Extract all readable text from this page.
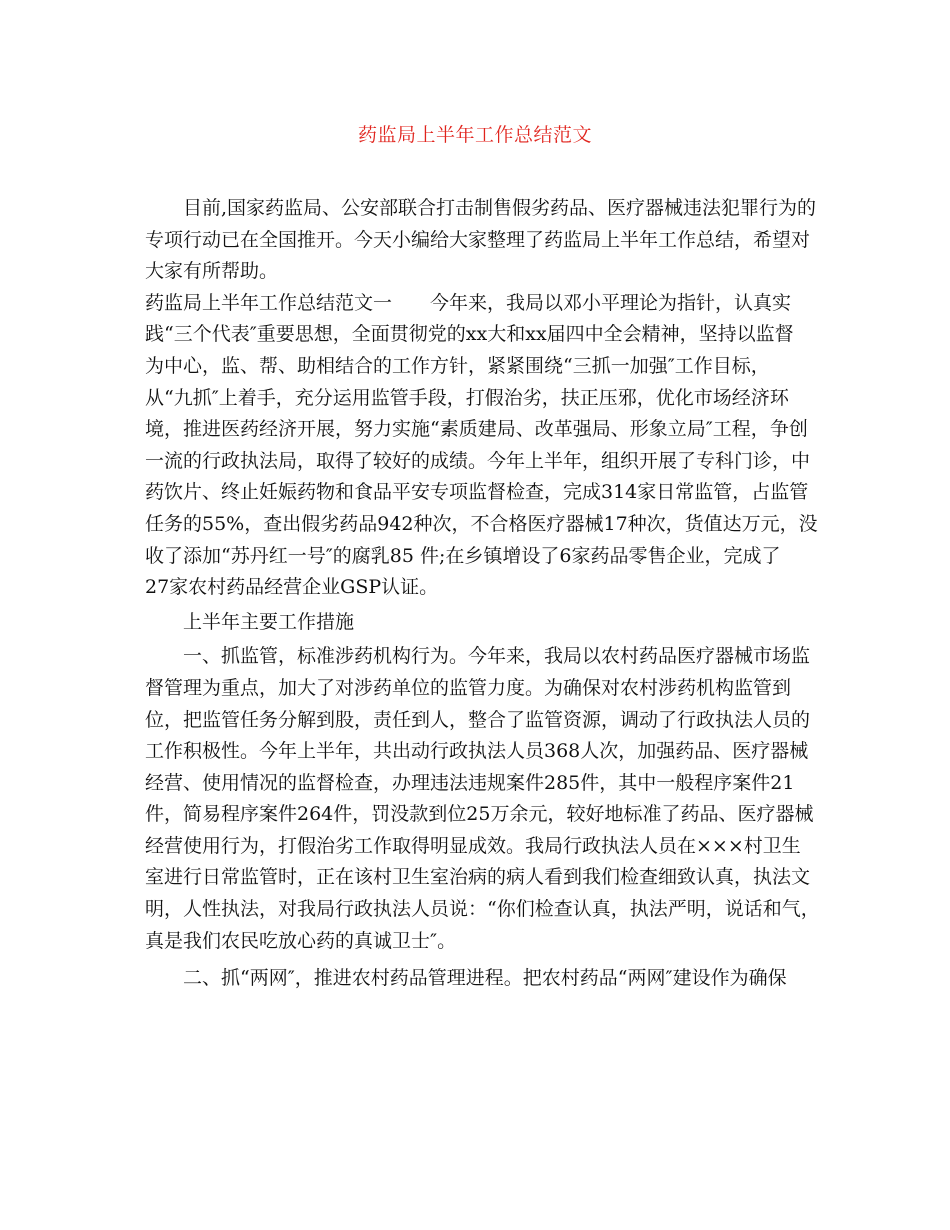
药监局上半年工作总结范文
目前,国家药监局、公安部联合打击制售假劣药品、医疗器械违法犯罪行为的
专项行动已在全国推开。今天小编给大家整理了药监局上半年工作总结，希望对
大家有所帮助。
药监局上半年工作总结范文一　　今年来，我局以邓小平理论为指针，认真实
践“三个代表″重要思想，全面贯彻党的xx大和xx届四中全会精神，坚持以监督
为中心，监、帮、助相结合的工作方针，紧紧围绕“三抓一加强″工作目标，
从“九抓″上着手，充分运用监管手段，打假治劣，扶正压邪，优化市场经济环
境，推进医药经济开展，努力实施“素质建局、改革强局、形象立局″工程，争创
一流的行政执法局，取得了较好的成绩。今年上半年，组织开展了专科门诊，中
药饮片、终止妊娠药物和食品平安专项监督检查，完成314家日常监管，占监管
任务的55%，查出假劣药品942种次，不合格医疗器械17种次，货值达万元，没
收了添加“苏丹红一号″的腐乳85 件;在乡镇增设了6家药品零售企业，完成了
27家农村药品经营企业GSP认证。
上半年主要工作措施
一、抓监管，标准涉药机构行为。今年来，我局以农村药品医疗器械市场监
督管理为重点，加大了对涉药单位的监管力度。为确保对农村涉药机构监管到
位，把监管任务分解到股，责任到人，整合了监管资源，调动了行政执法人员的
工作积极性。今年上半年，共出动行政执法人员368人次，加强药品、医疗器械
经营、使用情况的监督检查，办理违法违规案件285件，其中一般程序案件21
件，简易程序案件264件，罚没款到位25万余元，较好地标准了药品、医疗器械
经营使用行为，打假治劣工作取得明显成效。我局行政执法人员在×××村卫生
室进行日常监管时，正在该村卫生室治病的病人看到我们检查细致认真，执法文
明，人性执法，对我局行政执法人员说：“你们检查认真，执法严明，说话和气，
真是我们农民吃放心药的真诚卫士″。
二、抓“两网″，推进农村药品管理进程。把农村药品“两网″建设作为确保
